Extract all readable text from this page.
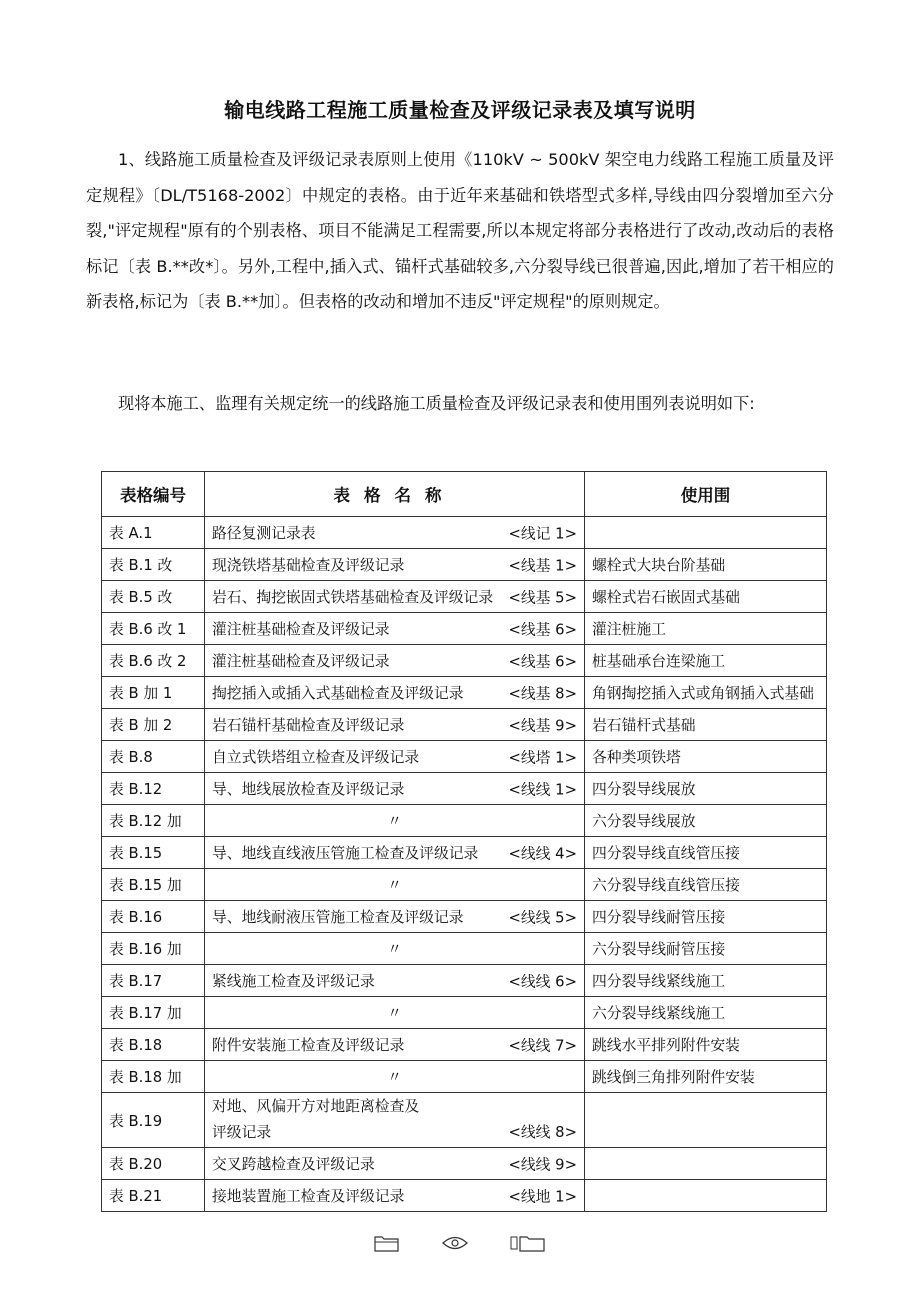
输电线路工程施工质量检查及评级记录表及填写说明

1、线路施工质量检查及评级记录表原则上使用《110kV ~ 500kV 架空电力线路工程施工质量及评定规程》〔DL/T5168-2002〕中规定的表格。由于近年来基础和铁塔型式多样,导线由四分裂增加至六分裂,"评定规程"原有的个别表格、项目不能满足工程需要,所以本规定将部分表格进行了改动,改动后的表格标记〔表 B.**改*〕。另外,工程中,插入式、锚杆式基础较多,六分裂导线已很普遍,因此,增加了若干相应的新表格,标记为〔表 B.**加〕。但表格的改动和增加不违反"评定规程"的原则规定。

现将本施工、监理有关规定统一的线路施工质量检查及评级记录表和使用围列表说明如下:

表格编号	表格名称	使用围
表 A.1	路径复测记录表 <线记 1>	

表 B.1 改	现浇铁塔基础检查及评级记录 <线基 1>	螺栓式大块台阶基础
表 B.5 改	岩石、掏挖嵌固式铁塔基础检查及评级记录 <线基 5>	螺栓式岩石嵌固式基础
表 B.6 改 1	灌注桩基础检查及评级记录 <线基 6>	灌注桩施工
表 B.6 改 2	灌注桩基础检查及评级记录 <线基 6>	桩基础承台连梁施工
表 B 加 1	掏挖插入或插入式基础检查及评级记录 <线基 8>	角钢掏挖插入式或角钢插入式基础
表 B 加 2	岩石锚杆基础检查及评级记录 <线基 9>	岩石锚杆式基础
表 B.8	自立式铁塔组立检查及评级记录 <线塔 1>	各种类项铁塔
表 B.12	导、地线展放检查及评级记录 <线线 1>	四分裂导线展放
表 B.12 加	〃	六分裂导线展放
表 B.15	导、地线直线液压管施工检查及评级记录 <线线 4>	四分裂导线直线管压接
表 B.15 加	〃	六分裂导线直线管压接
表 B.16	导、地线耐液压管施工检查及评级记录 <线线 5>	四分裂导线耐管压接
表 B.16 加	〃	六分裂导线耐管压接
表 B.17	紧线施工检查及评级记录 <线线 6>	四分裂导线紧线施工
表 B.17 加	〃	六分裂导线紧线施工
表 B.18	附件安装施工检查及评级记录 <线线 7>	跳线水平排列附件安装
表 B.18 加	〃	跳线倒三角排列附件安装
表 B.19	对地、风偏开方对地距离检查及评级记录 <线线 8>	

表 B.20	交叉跨越检查及评级记录 <线线 9>	

表 B.21	接地装置施工检查及评级记录 <线地 1>	
